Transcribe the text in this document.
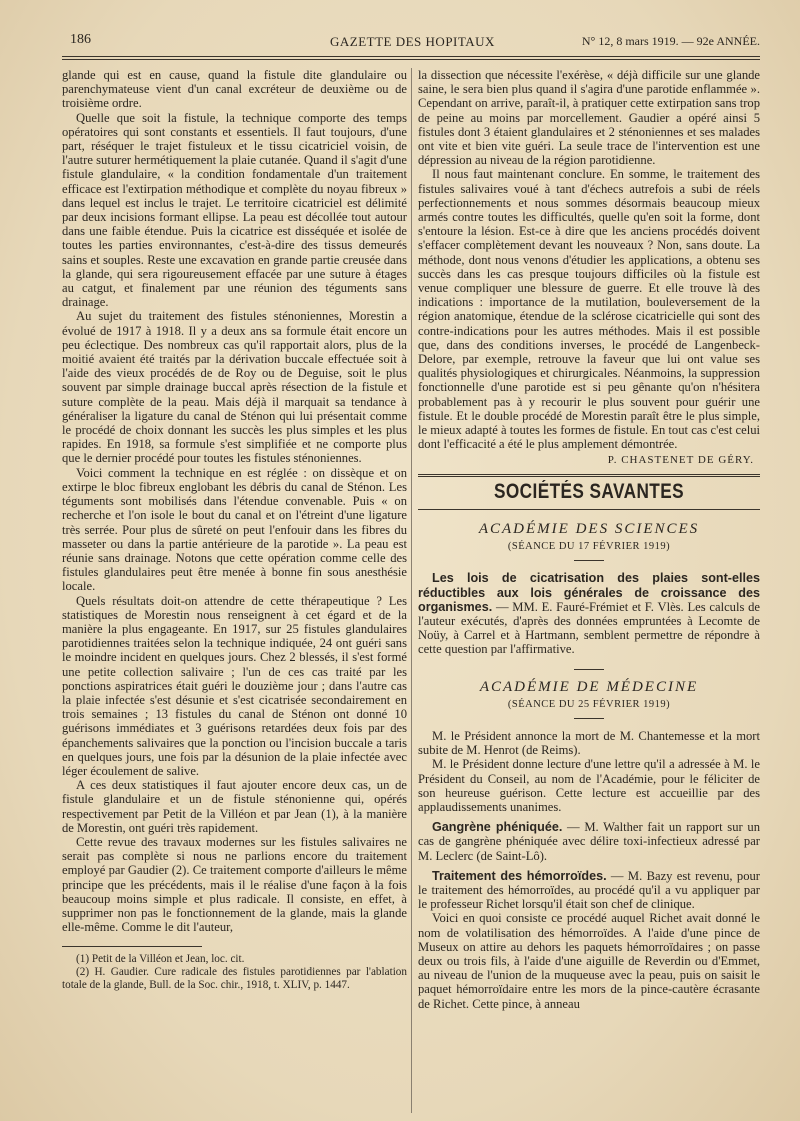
186	GAZETTE DES HOPITAUX	N° 12, 8 mars 1919. — 92e ANNÉE.

glande qui est en cause, quand la fistule dite glandulaire ou parenchymateuse vient d'un canal excréteur de deuxième ou de troisième ordre.

Quelle que soit la fistule, la technique comporte des temps opératoires qui sont constants et essentiels. Il faut toujours, d'une part, réséquer le trajet fistuleux et le tissu cicatriciel voisin, de l'autre suturer hermétiquement la plaie cutanée. Quand il s'agit d'une fistule glandulaire, « la condition fondamentale d'un traitement efficace est l'extirpation méthodique et complète du noyau fibreux » dans lequel est inclus le trajet. Le territoire cicatriciel est délimité par deux incisions formant ellipse. La peau est décollée tout autour dans une faible étendue. Puis la cicatrice est disséquée et isolée de toutes les parties environnantes, c'est-à-dire des tissus demeurés sains et souples. Reste une excavation en grande partie creusée dans la glande, qui sera rigoureusement effacée par une suture à étages au catgut, et finalement par une réunion des téguments sans drainage.

Au sujet du traitement des fistules sténoniennes, Morestin a évolué de 1917 à 1918. Il y a deux ans sa formule était encore un peu éclectique. Des nombreux cas qu'il rapportait alors, plus de la moitié avaient été traités par la dérivation buccale effectuée soit à l'aide des vieux procédés de de Roy ou de Deguise, soit le plus souvent par simple drainage buccal après résection de la fistule et suture complète de la peau. Mais déjà il marquait sa tendance à généraliser la ligature du canal de Sténon qui lui présentait comme le procédé de choix donnant les succès les plus simples et les plus rapides. En 1918, sa formule s'est simplifiée et ne comporte plus que le dernier procédé pour toutes les fistules sténoniennes.

Voici comment la technique en est réglée : on dissèque et on extirpe le bloc fibreux englobant les débris du canal de Sténon. Les téguments sont mobilisés dans l'étendue convenable. Puis « on recherche et l'on isole le bout du canal et on l'étreint d'une ligature très serrée. Pour plus de sûreté on peut l'enfouir dans les fibres du masseter ou dans la partie antérieure de la parotide ». La peau est réunie sans drainage. Notons que cette opération comme celle des fistules glandulaires peut être menée à bonne fin sous anesthésie locale.

Quels résultats doit-on attendre de cette thérapeutique ? Les statistiques de Morestin nous renseignent à cet égard et de la manière la plus engageante. En 1917, sur 25 fistules glandulaires parotidiennes traitées selon la technique indiquée, 24 ont guéri sans le moindre incident en quelques jours. Chez 2 blessés, il s'est formé une petite collection salivaire ; l'un de ces cas traité par les ponctions aspiratrices était guéri le douzième jour ; dans l'autre cas la plaie infectée s'est désunie et s'est cicatrisée secondairement en trois semaines ; 13 fistules du canal de Sténon ont donné 10 guérisons immédiates et 3 guérisons retardées deux fois par des épanchements salivaires que la ponction ou l'incision buccale a taris en quelques jours, une fois par la désunion de la plaie infectée avec léger écoulement de salive.

A ces deux statistiques il faut ajouter encore deux cas, un de fistule glandulaire et un de fistule sténonienne qui, opérés respectivement par Petit de la Villéon et par Jean (1), à la manière de Morestin, ont guéri très rapidement.

Cette revue des travaux modernes sur les fistules salivaires ne serait pas complète si nous ne parlions encore du traitement employé par Gaudier (2). Ce traitement comporte d'ailleurs le même principe que les précédents, mais il le réalise d'une façon à la fois beaucoup moins simple et plus radicale. Il consiste, en effet, à supprimer non pas le fonctionnement de la glande, mais la glande elle-même. Comme le dit l'auteur,

(1) Petit de la Villéon et Jean, loc. cit.

(2) H. Gaudier. Cure radicale des fistules parotidiennes par l'ablation totale de la glande, Bull. de la Soc. chir., 1918, t. XLIV, p. 1447.

la dissection que nécessite l'exérèse, « déjà difficile sur une glande saine, le sera bien plus quand il s'agira d'une parotide enflammée ». Cependant on arrive, paraît-il, à pratiquer cette extirpation sans trop de peine au moins par morcellement. Gaudier a opéré ainsi 5 fistules dont 3 étaient glandulaires et 2 sténoniennes et ses malades ont vite et bien vite guéri. La seule trace de l'intervention est une dépression au niveau de la région parotidienne.

Il nous faut maintenant conclure. En somme, le traitement des fistules salivaires voué à tant d'échecs autrefois a subi de réels perfectionnements et nous sommes désormais beaucoup mieux armés contre toutes les difficultés, quelle qu'en soit la forme, dont s'entoure la lésion. Est-ce à dire que les anciens procédés doivent s'effacer complètement devant les nouveaux ? Non, sans doute. La méthode, dont nous venons d'étudier les applications, a obtenu ses succès dans les cas presque toujours difficiles où la fistule est venue compliquer une blessure de guerre. Et elle trouve là des indications : importance de la mutilation, bouleversement de la région anatomique, étendue de la sclérose cicatricielle qui sont des contre-indications pour les autres méthodes. Mais il est possible que, dans des conditions inverses, le procédé de Langenbeck-Delore, par exemple, retrouve la faveur que lui ont value ses qualités physiologiques et chirurgicales. Néanmoins, la suppression fonctionnelle d'une parotide est si peu gênante qu'on n'hésitera probablement pas à y recourir le plus souvent pour guérir une fistule. Et le double procédé de Morestin paraît être le plus simple, le mieux adapté à toutes les formes de fistule. En tout cas c'est celui dont l'efficacité a été le plus amplement démontrée.

P. CHASTENET DE GÉRY.
SOCIÉTÉS SAVANTES
ACADÉMIE DES SCIENCES
(SÉANCE DU 17 FÉVRIER 1919)

Les lois de cicatrisation des plaies sont-elles réductibles aux lois générales de croissance des organismes. — MM. E. Fauré-Frémiet et F. Vlès. Les calculs de l'auteur exécutés, d'après des données empruntées à Lecomte de Noüy, à Carrel et à Hartmann, semblent permettre de répondre à cette question par l'affirmative.

ACADÉMIE DE MÉDECINE
(SÉANCE DU 25 FÉVRIER 1919)

M. le Président annonce la mort de M. Chantemesse et la mort subite de M. Henrot (de Reims).

M. le Président donne lecture d'une lettre qu'il a adressée à M. le Président du Conseil, au nom de l'Académie, pour le féliciter de son heureuse guérison. Cette lecture est accueillie par des applaudissements unanimes.

Gangrène phéniquée. — M. Walther fait un rapport sur un cas de gangrène phéniquée avec délire toxi-infectieux adressé par M. Leclerc (de Saint-Lô).

Traitement des hémorroïdes. — M. Bazy est revenu, pour le traitement des hémorroïdes, au procédé qu'il a vu appliquer par le professeur Richet lorsqu'il était son chef de clinique.

Voici en quoi consiste ce procédé auquel Richet avait donné le nom de volatilisation des hémorroïdes. A l'aide d'une pince de Museux on attire au dehors les paquets hémorroïdaires ; on passe deux ou trois fils, à l'aide d'une aiguille de Reverdin ou d'Emmet, au niveau de l'union de la muqueuse avec la peau, puis on saisit le paquet hémorroïdaire entre les mors de la pince-cautère écrasante de Richet. Cette pince, à anneau
